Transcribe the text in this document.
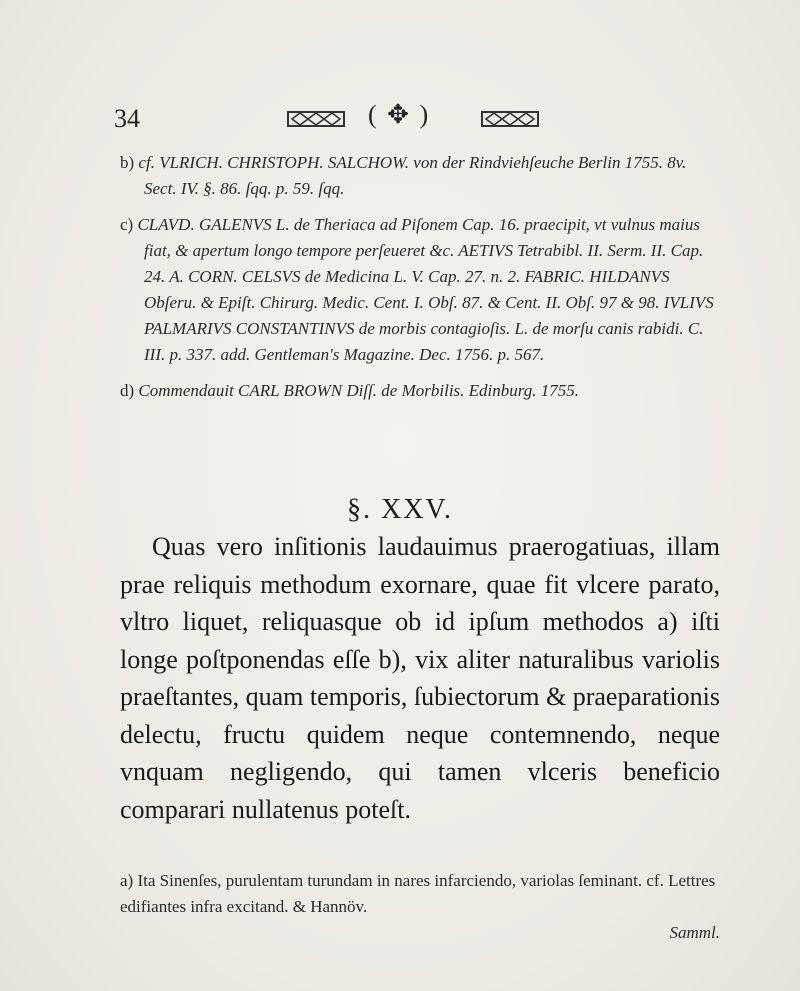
34	( ✥ )
b) cf. VLRICH. CHRISTOPH. SALCHOW. von der Rindviehſeuche Berlin 1755. 8v. Sect. IV. §. 86. ſqq. p. 59. ſqq.
c) CLAVD. GALENVS L. de Theriaca ad Piſonem Cap. 16. praecipit, vt vulnus maius fiat, & apertum longo tempore perſeueret &c. AETIVS Tetrabibl. II. Serm. II. Cap. 24. A. CORN. CELSVS de Medicina L. V. Cap. 27. n. 2. FABRIC. HILDANVS Obſeru. & Epiſt. Chirurg. Medic. Cent. I. Obſ. 87. & Cent. II. Obſ. 97 & 98. IVLIVS PALMARIVS CONSTANTINVS de morbis contagioſis. L. de morſu canis rabidi. C. III. p. 337. add. Gentleman's Magazine. Dec. 1756. p. 567.
d) Commendauit CARL BROWN Diſſ. de Morbilis. Edinburg. 1755.
§. XXV.

Quas vero inſitionis laudauimus praerogatiuas, illam prae reliquis methodum exornare, quae fit vlcere parato, vltro liquet, reliquasque ob id ipſum methodos a) iſti longe poſtponendas eſſe b), vix aliter naturalibus variolis praeſtantes, quam temporis, ſubiectorum & praeparationis delectu, fructu quidem neque contemnendo, neque vnquam negligendo, qui tamen vlceris beneficio comparari nullatenus poteſt.

a) Ita Sinenſes, purulentam turundam in nares infarciendo, variolas ſeminant. cf. Lettres edifiantes infra excitand. & Hannöv.
Samml.
